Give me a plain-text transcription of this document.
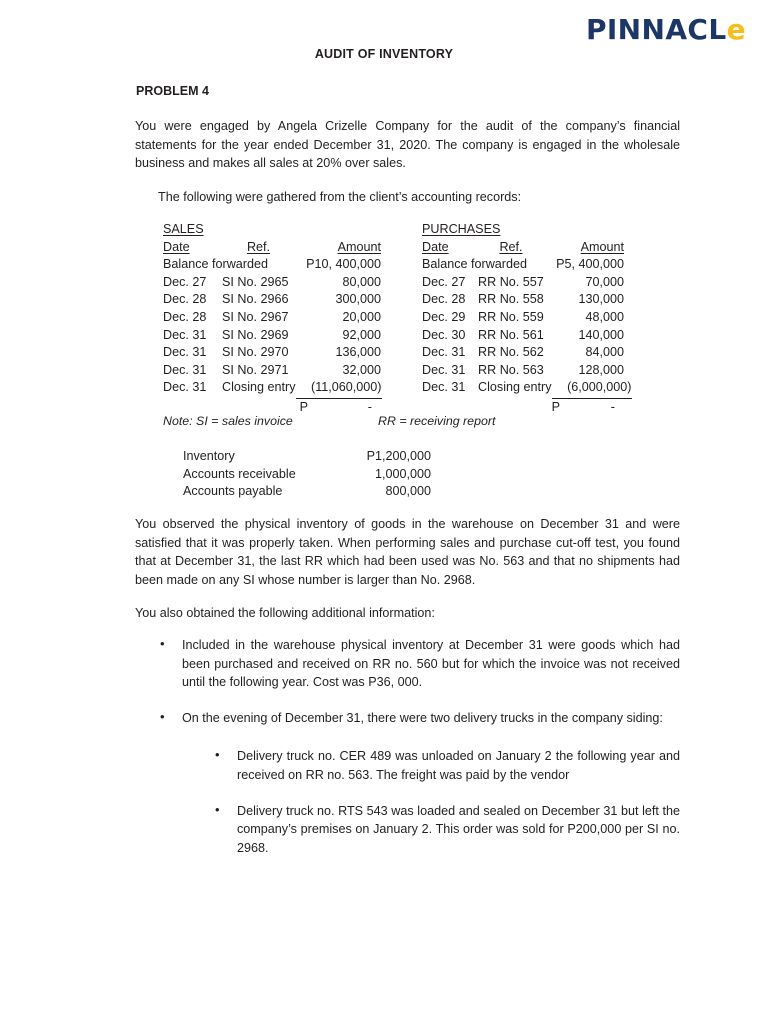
PINNACLe
AUDIT OF INVENTORY
PROBLEM 4
You were engaged by Angela Crizelle Company for the audit of the company’s financial statements for the year ended December 31, 2020. The company is engaged in the wholesale business and makes all sales at 20% over sales.
The following were gathered from the client’s accounting records:
SALES
Date	Ref.	Amount
Balance forwarded	P10, 400,000
Dec. 27	SI No. 2965	80,000
Dec. 28	SI No. 2966	300,000
Dec. 28	SI No. 2967	20,000
Dec. 31	SI No. 2969	92,000
Dec. 31	SI No. 2970	136,000
Dec. 31	SI No. 2971	32,000
Dec. 31	Closing entry	(11,060,000)
P	-
PURCHASES
Date	Ref.	Amount
Balance forwarded	P5, 400,000
Dec. 27 RR No. 557	70,000
Dec. 28 RR No. 558	130,000
Dec. 29 RR No. 559	48,000
Dec. 30 RR No. 561	140,000
Dec. 31 RR No. 562	84,000
Dec. 31 RR No. 563	128,000
Dec. 31 Closing entry	(6,000,000)
P	-
Note: SI = sales invoice	RR = receiving report
Inventory	P1,200,000
Accounts receivable	1,000,000
Accounts payable	800,000
You observed the physical inventory of goods in the warehouse on December 31 and were satisfied that it was properly taken. When performing sales and purchase cut-off test, you found that at December 31, the last RR which had been used was No. 563 and that no shipments had been made on any SI whose number is larger than No. 2968.
You also obtained the following additional information:
• Included in the warehouse physical inventory at December 31 were goods which had been purchased and received on RR no. 560 but for which the invoice was not received until the following year. Cost was P36, 000.
• On the evening of December 31, there were two delivery trucks in the company siding:
• Delivery truck no. CER 489 was unloaded on January 2 the following year and received on RR no. 563. The freight was paid by the vendor
• Delivery truck no. RTS 543 was loaded and sealed on December 31 but left the company’s premises on January 2. This order was sold for P200,000 per SI no. 2968.
